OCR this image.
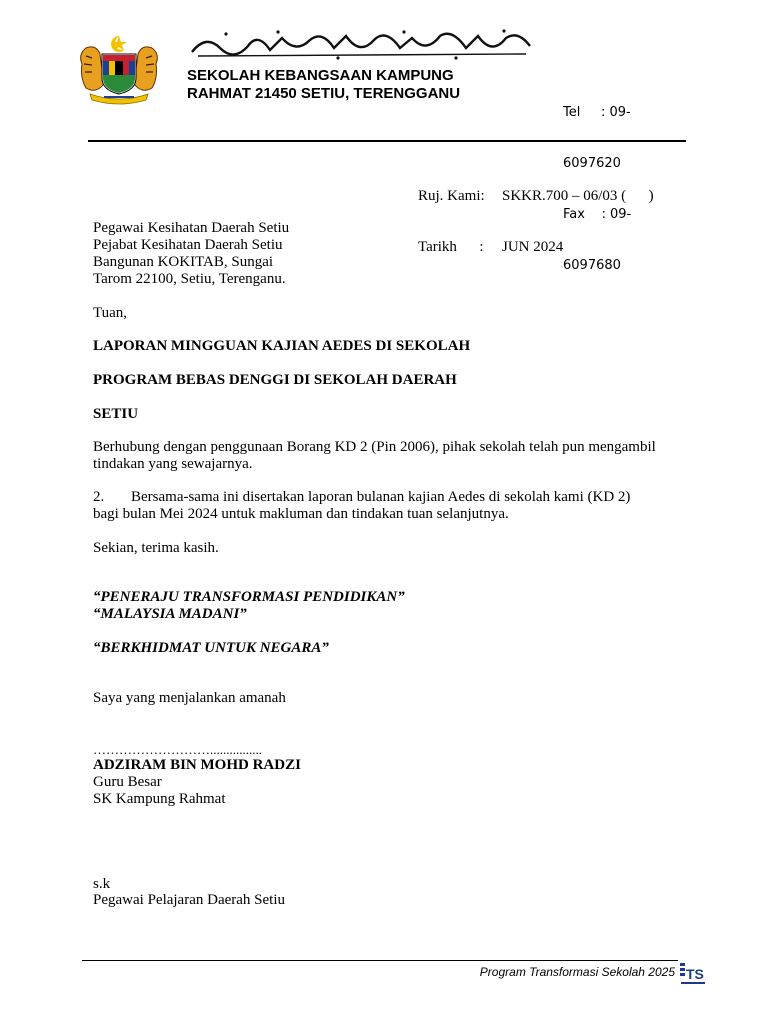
SEKOLAH KEBANGSAAN KAMPUNG
RAHMAT 21450 SETIU, TERENGGANU

Tel     : 09-

6097620

Fax    : 09-

6097680

Ruj. Kami: SKKR.700 – 06/03 (      )

Tarikh      : JUN 2024

Pegawai Kesihatan Daerah Setiu
Pejabat Kesihatan Daerah Setiu
Bangunan KOKITAB, Sungai
Tarom 22100, Setiu, Terenganu.
Tuan,
LAPORAN MINGGUAN KAJIAN AEDES DI SEKOLAH
PROGRAM BEBAS DENGGI DI SEKOLAH DAERAH
SETIU
Berhubung dengan penggunaan Borang KD 2 (Pin 2006), pihak sekolah telah pun mengambil
tindakan yang sewajarnya.
2. Bersama-sama ini disertakan laporan bulanan kajian Aedes di sekolah kami (KD 2)
bagi bulan Mei 2024 untuk makluman dan tindakan tuan selanjutnya.
Sekian, terima kasih.
“PENERAJU TRANSFORMASI PENDIDIKAN”
“MALAYSIA MADANI”
“BERKHIDMAT UNTUK NEGARA”
Saya yang menjalankan amanah
………………………................
ADZIRAM BIN MOHD RADZI
Guru Besar
SK Kampung Rahmat
s.k
Pegawai Pelajaran Daerah Setiu
Program Transformasi Sekolah 2025 TS
